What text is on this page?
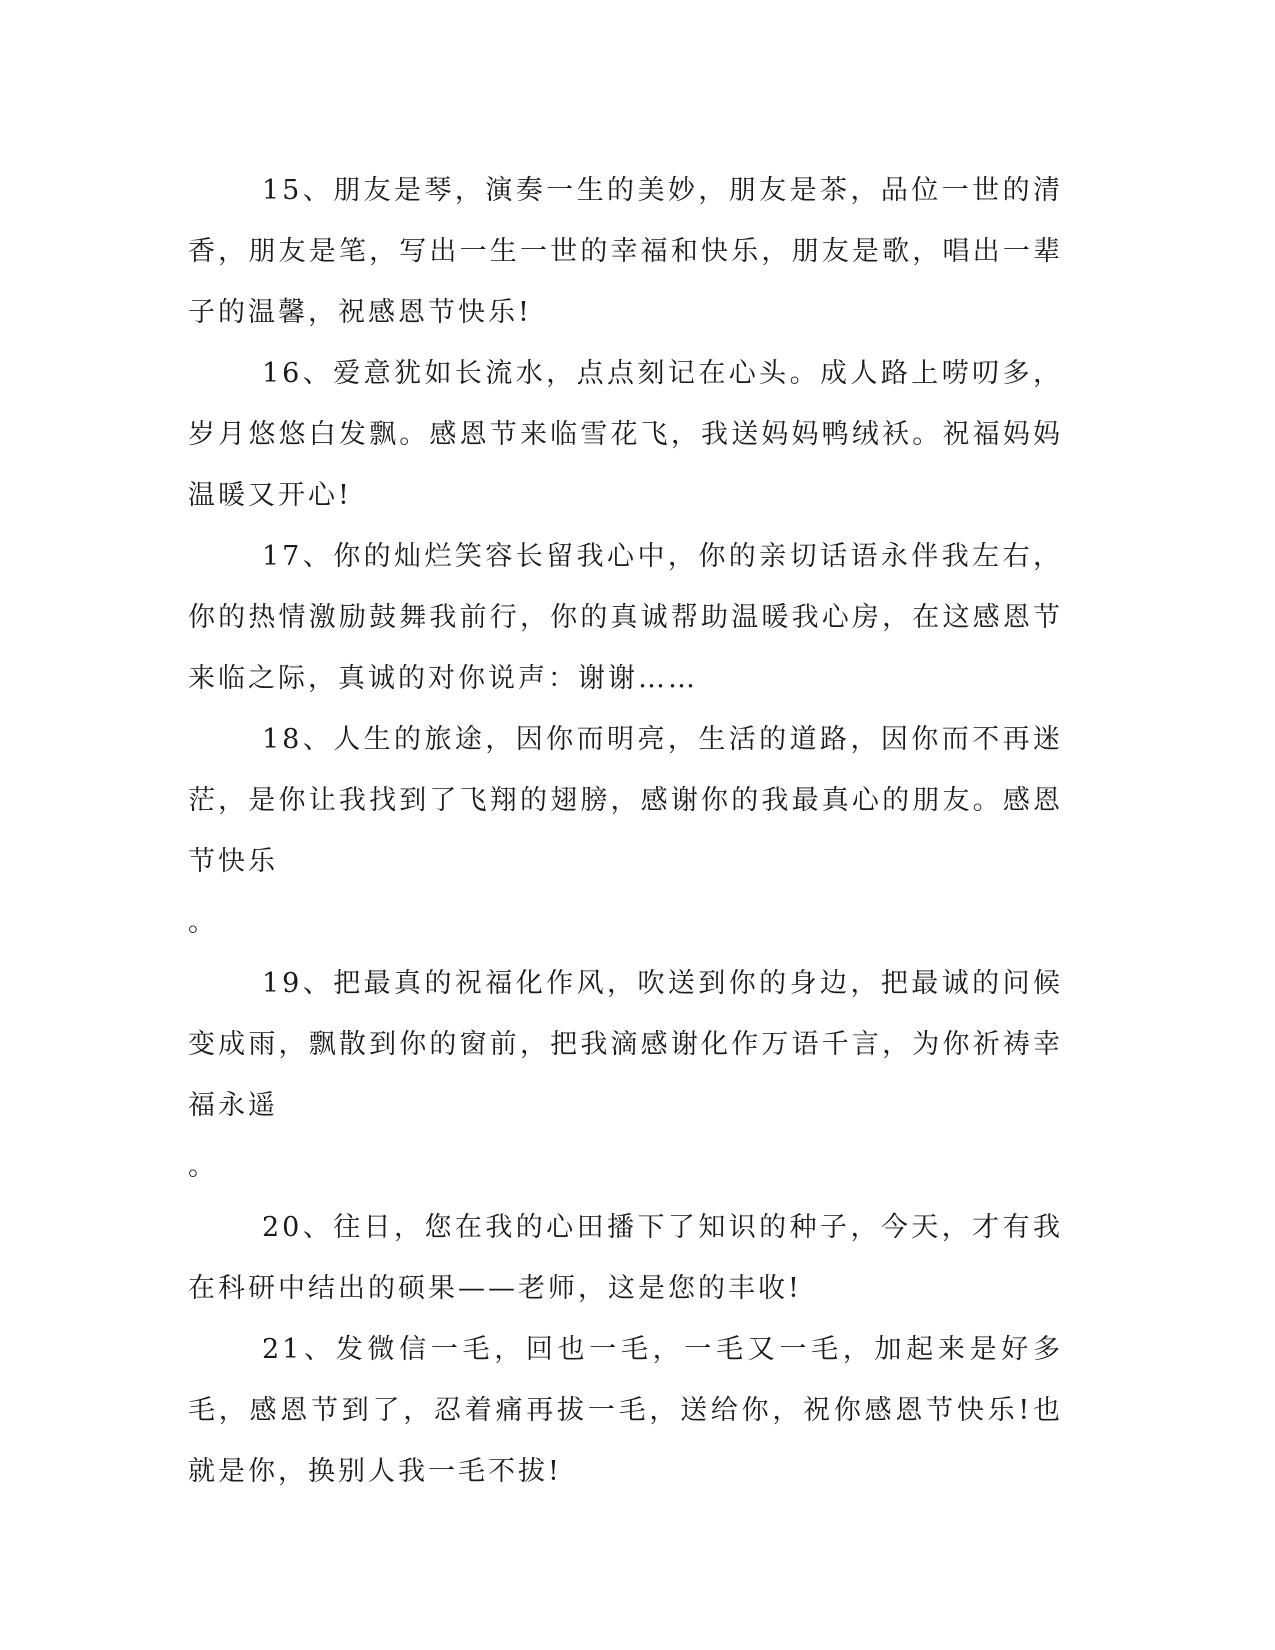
15、朋友是琴，演奏一生的美妙，朋友是茶，品位一世的清香，朋友是笔，写出一生一世的幸福和快乐，朋友是歌，唱出一辈子的温馨，祝感恩节快乐!

16、爱意犹如长流水，点点刻记在心头。成人路上唠叨多，岁月悠悠白发飘。感恩节来临雪花飞，我送妈妈鸭绒袄。祝福妈妈温暖又开心!

17、你的灿烂笑容长留我心中，你的亲切话语永伴我左右，你的热情激励鼓舞我前行，你的真诚帮助温暖我心房，在这感恩节来临之际，真诚的对你说声：谢谢……

18、人生的旅途，因你而明亮，生活的道路，因你而不再迷茫，是你让我找到了飞翔的翅膀，感谢你的我最真心的朋友。感恩节快乐
。

19、把最真的祝福化作风，吹送到你的身边，把最诚的问候变成雨，飘散到你的窗前，把我滴感谢化作万语千言，为你祈祷幸福永遥
。

20、往日，您在我的心田播下了知识的种子，今天，才有我在科研中结出的硕果——老师，这是您的丰收!

21、发微信一毛，回也一毛，一毛又一毛，加起来是好多毛，感恩节到了，忍着痛再拔一毛，送给你，祝你感恩节快乐!也就是你，换别人我一毛不拔!
